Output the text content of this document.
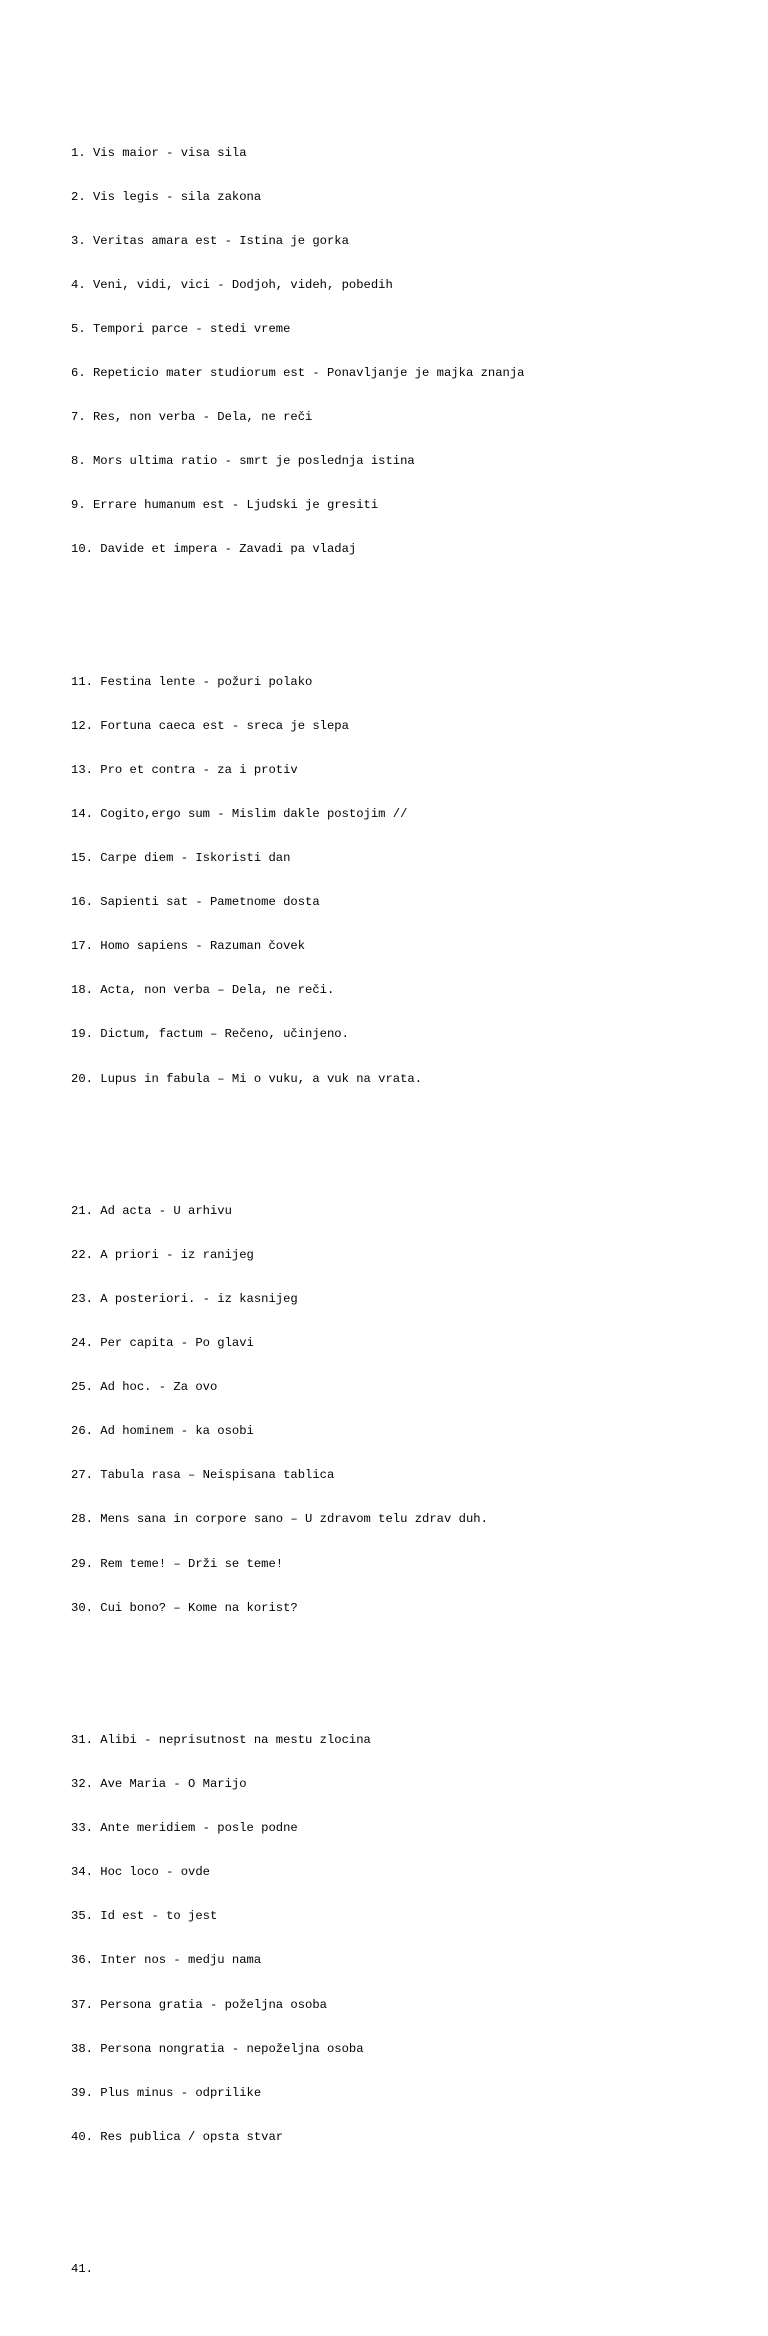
1. Vis maior - visa sila

2. Vis legis - sila zakona

3. Veritas amara est - Istina je gorka

4. Veni, vidi, vici - Dodjoh, videh, pobedih

5. Tempori parce - stedi vreme

6. Repeticio mater studiorum est - Ponavljanje je majka znanja

7. Res, non verba - Dela, ne reči

8. Mors ultima ratio - smrt je poslednja istina

9. Errare humanum est - Ljudski je gresiti

10. Davide et impera - Zavadi pa vladaj

11. Festina lente - požuri polako

12. Fortuna caeca est - sreca je slepa

13. Pro et contra - za i protiv

14. Cogito,ergo sum - Mislim dakle postojim //

15. Carpe diem - Iskoristi dan

16. Sapienti sat - Pametnome dosta

17. Homo sapiens - Razuman čovek

18. Acta, non verba – Dela, ne reči.

19. Dictum, factum – Rečeno, učinjeno.

20. Lupus in fabula – Mi o vuku, a vuk na vrata.

21. Ad acta - U arhivu

22. A priori - iz ranijeg

23. A posteriori. - iz kasnijeg

24. Per capita - Po glavi

25. Ad hoc. - Za ovo

26. Ad hominem - ka osobi

27. Tabula rasa – Neispisana tablica

28. Mens sana in corpore sano – U zdravom telu zdrav duh.

29. Rem teme! – Drži se teme!

30. Cui bono? – Kome na korist?

31. Alibi - neprisutnost na mestu zlocina

32. Ave Maria - O Marijo

33. Ante meridiem - posle podne

34. Hoc loco - ovde

35. Id est - to jest

36. Inter nos - medju nama

37. Persona gratia - poželjna osoba

38. Persona nongratia - nepoželjna osoba

39. Plus minus - odprilike

40. Res publica / opsta stvar

41.
